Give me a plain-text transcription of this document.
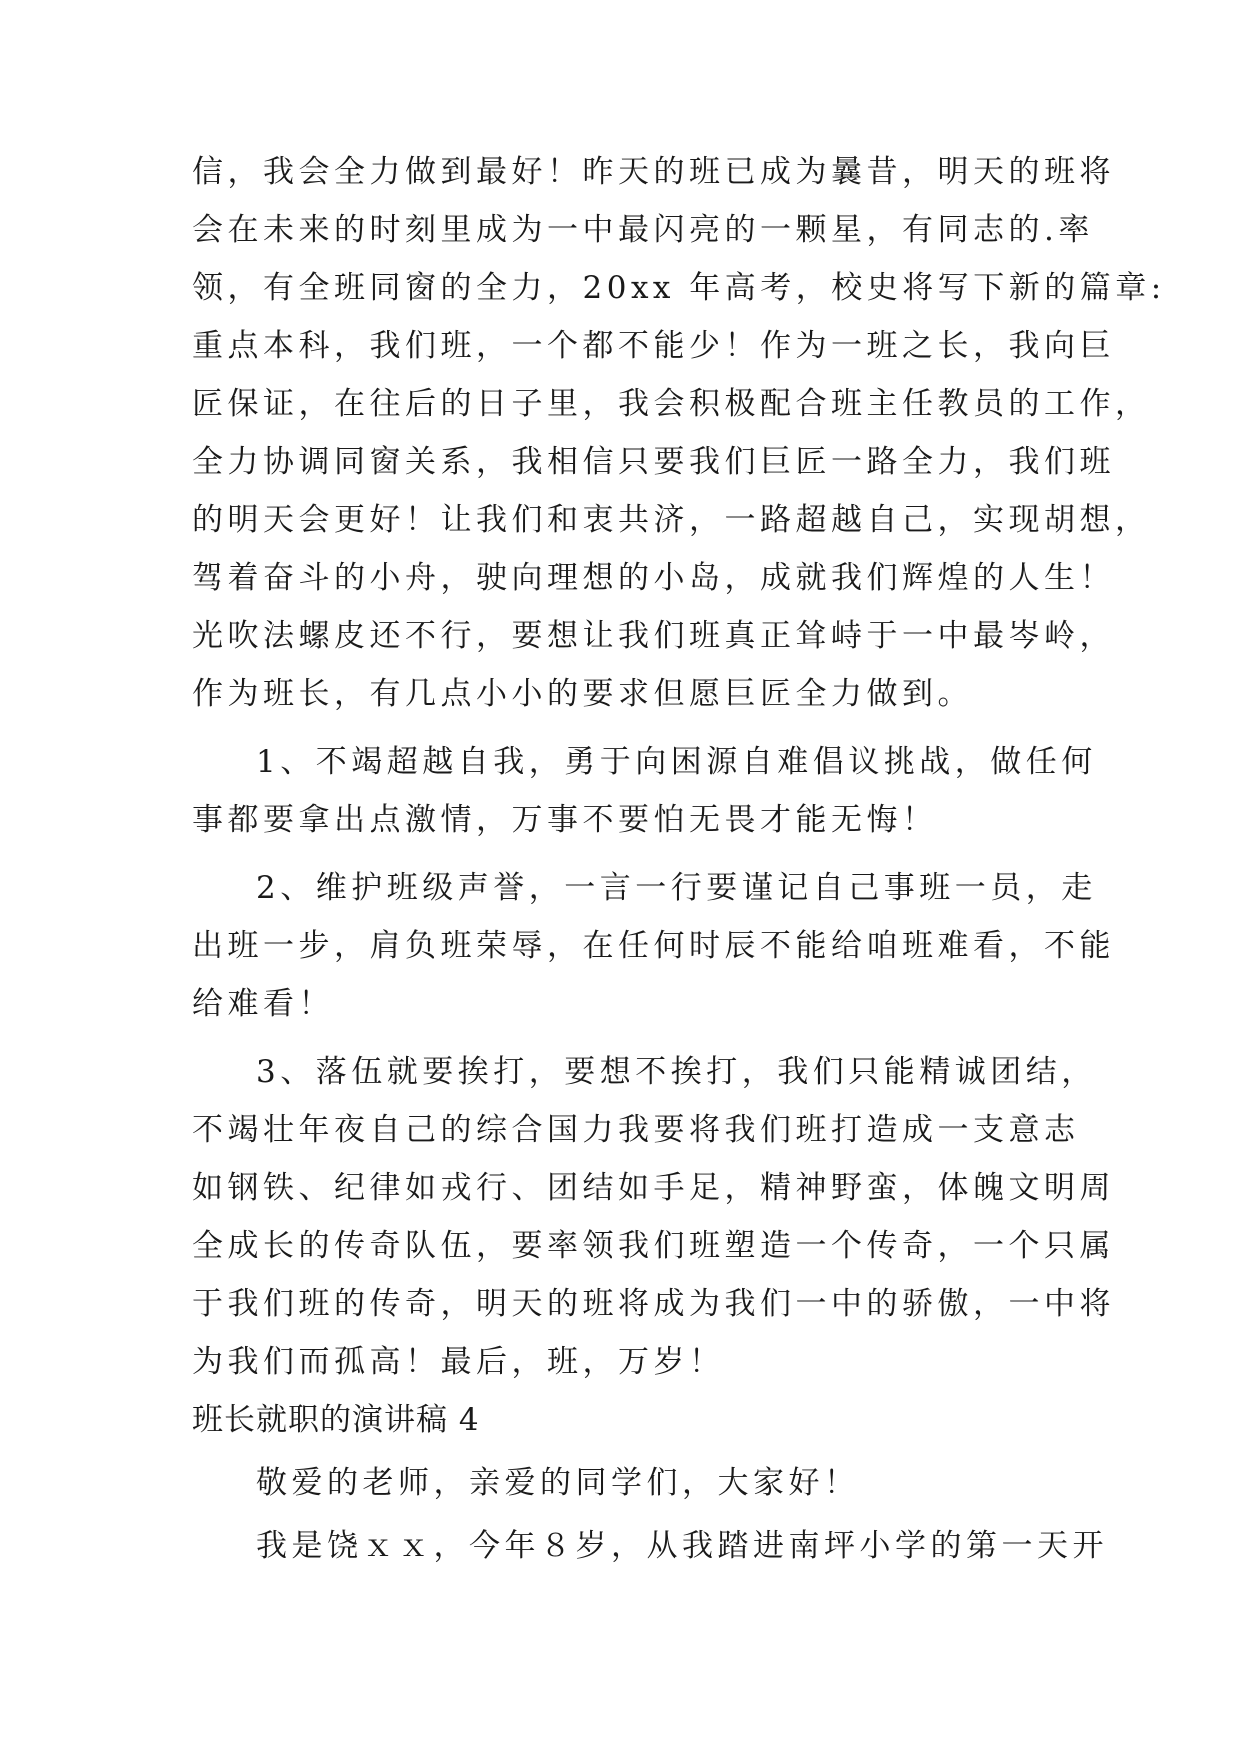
信，我会全力做到最好！昨天的班已成为曩昔，明天的班将
会在未来的时刻里成为一中最闪亮的一颗星，有同志的.率
领，有全班同窗的全力，20xx 年高考，校史将写下新的篇章:
重点本科，我们班，一个都不能少！作为一班之长，我向巨
匠保证，在往后的日子里，我会积极配合班主任教员的工作，
全力协调同窗关系，我相信只要我们巨匠一路全力，我们班
的明天会更好！让我们和衷共济，一路超越自己，实现胡想，
驾着奋斗的小舟，驶向理想的小岛，成就我们辉煌的人生！
光吹法螺皮还不行，要想让我们班真正耸峙于一中最岑岭，
作为班长，有几点小小的要求但愿巨匠全力做到。
1、不竭超越自我，勇于向困源自难倡议挑战，做任何
事都要拿出点激情，万事不要怕无畏才能无悔！
2、维护班级声誉，一言一行要谨记自己事班一员，走
出班一步，肩负班荣辱，在任何时辰不能给咱班难看，不能
给难看！
3、落伍就要挨打，要想不挨打，我们只能精诚团结，
不竭壮年夜自己的综合国力我要将我们班打造成一支意志
如钢铁、纪律如戎行、团结如手足，精神野蛮，体魄文明周
全成长的传奇队伍，要率领我们班塑造一个传奇，一个只属
于我们班的传奇，明天的班将成为我们一中的骄傲，一中将
为我们而孤高！最后，班，万岁！
班长就职的演讲稿 4
敬爱的老师，亲爱的同学们，大家好！
我是饶ｘｘ，今年８岁，从我踏进南坪小学的第一天开
